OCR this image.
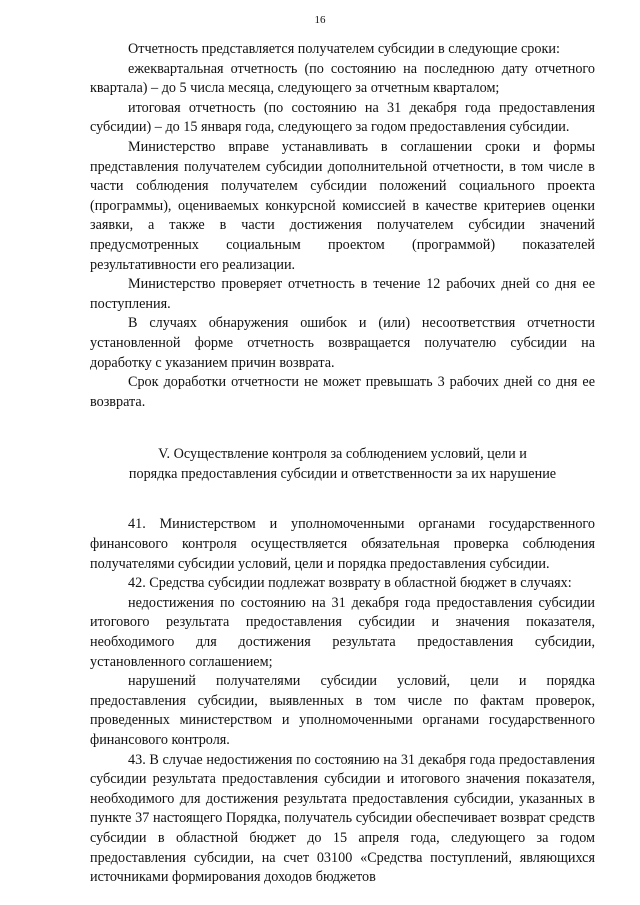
16

Отчетность представляется получателем субсидии в следующие сроки:

ежеквартальная отчетность (по состоянию на последнюю дату отчетного квартала) – до 5 числа месяца, следующего за отчетным кварталом;

итоговая отчетность (по состоянию на 31 декабря года предоставления субсидии) – до 15 января года, следующего за годом предоставления субсидии.

Министерство вправе устанавливать в соглашении сроки и формы представления получателем субсидии дополнительной отчетности, в том числе в части соблюдения получателем субсидии положений социального проекта (программы), оцениваемых конкурсной комиссией в качестве критериев оценки заявки, а также в части достижения получателем субсидии значений предусмотренных социальным проектом (программой) показателей результативности его реализации.

Министерство проверяет отчетность в течение 12 рабочих дней со дня ее поступления.

В случаях обнаружения ошибок и (или) несоответствия отчетности установленной форме отчетность возвращается получателю субсидии на доработку с указанием причин возврата.

Срок доработки отчетности не может превышать 3 рабочих дней со дня ее возврата.

V. Осуществление контроля за соблюдением условий, цели и
порядка предоставления субсидии и ответственности за их нарушение

41. Министерством и уполномоченными органами государственного финансового контроля осуществляется обязательная проверка соблюдения получателями субсидии условий, цели и порядка предоставления субсидии.

42. Средства субсидии подлежат возврату в областной бюджет в случаях:

недостижения по состоянию на 31 декабря года предоставления субсидии итогового результата предоставления субсидии и значения показателя, необходимого для достижения результата предоставления субсидии, установленного соглашением;

нарушений получателями субсидии условий, цели и порядка предоставления субсидии, выявленных в том числе по фактам проверок, проведенных министерством и уполномоченными органами государственного финансового контроля.

43. В случае недостижения по состоянию на 31 декабря года предоставления субсидии результата предоставления субсидии и итогового значения показателя, необходимого для достижения результата предоставления субсидии, указанных в пункте 37 настоящего Порядка, получатель субсидии обеспечивает возврат средств субсидии в областной бюджет до 15 апреля года, следующего за годом предоставления субсидии, на счет 03100 «Средства поступлений, являющихся источниками формирования доходов бюджетов
